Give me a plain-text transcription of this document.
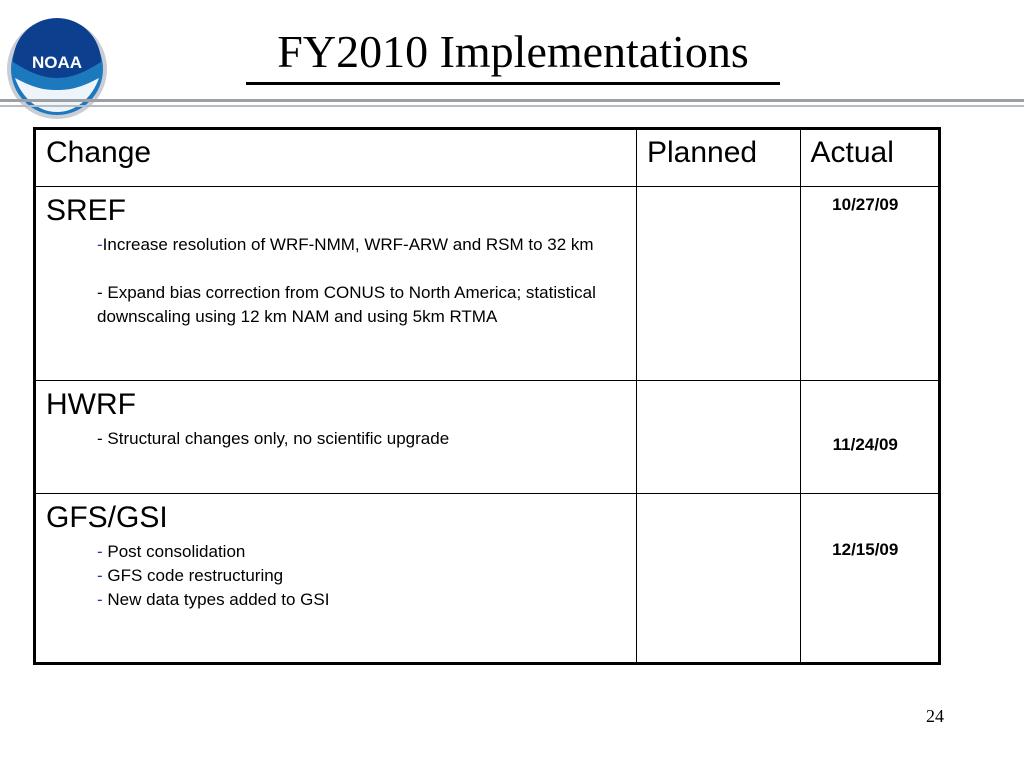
NOAA	FY2010 Implementations
Change	Planned	Actual

SREF

-Increase resolution of WRF-NMM, WRF-ARW and RSM to 32 km

- Expand bias correction from CONUS to North America; statistical downscaling using 12 km NAM and using 5km RTMA		10/27/09

HWRF

- Structural changes only, no scientific upgrade		11/24/09

GFS/GSI

- Post consolidation

- GFS code restructuring

- New data types added to GSI		12/15/09
24
